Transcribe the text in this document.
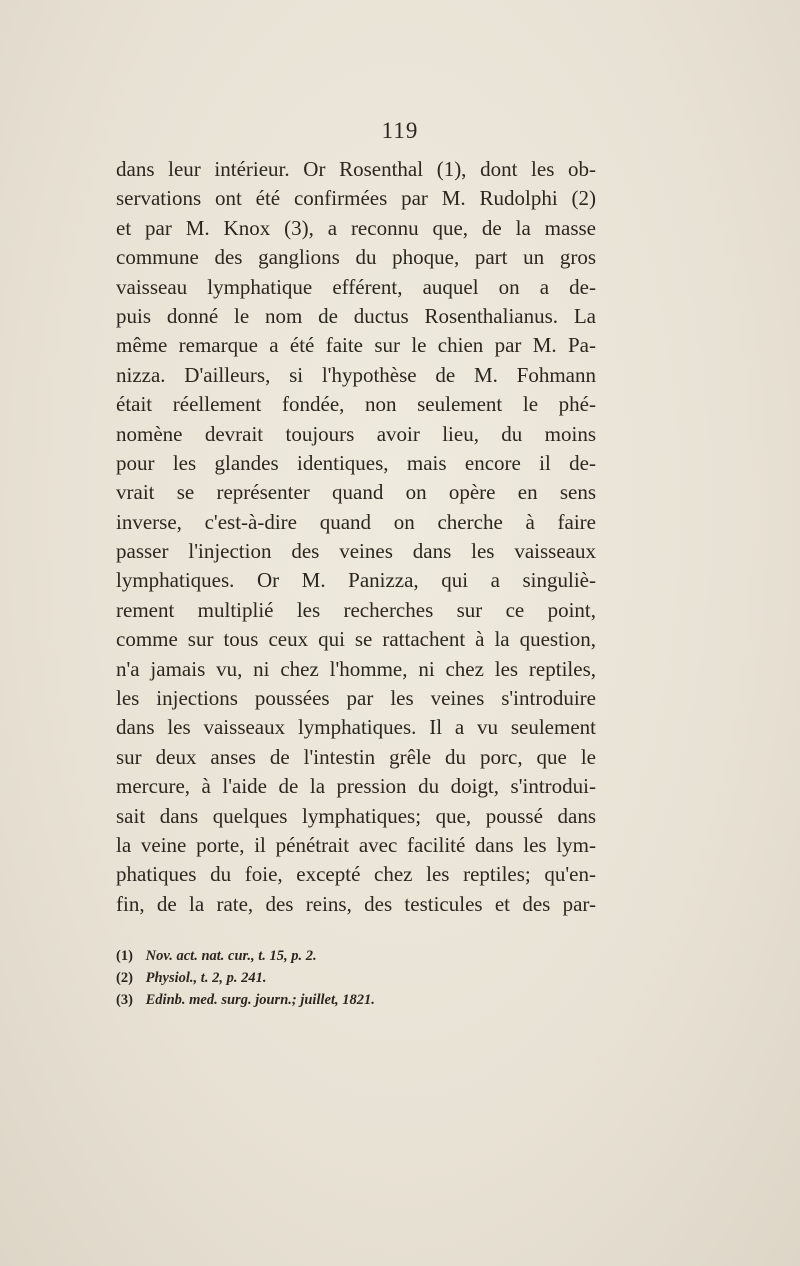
119
dans leur intérieur. Or Rosenthal (1), dont les ob-
servations ont été confirmées par M. Rudolphi (2)
et par M. Knox (3), a reconnu que, de la masse
commune des ganglions du phoque, part un gros
vaisseau lymphatique efférent, auquel on a de-
puis donné le nom de ductus Rosenthalianus. La
même remarque a été faite sur le chien par M. Pa-
nizza. D'ailleurs, si l'hypothèse de M. Fohmann
était réellement fondée, non seulement le phé-
nomène devrait toujours avoir lieu, du moins
pour les glandes identiques, mais encore il de-
vrait se représenter quand on opère en sens
inverse, c'est-à-dire quand on cherche à faire
passer l'injection des veines dans les vaisseaux
lymphatiques. Or M. Panizza, qui a singuliè-
rement multiplié les recherches sur ce point,
comme sur tous ceux qui se rattachent à la question,
n'a jamais vu, ni chez l'homme, ni chez les reptiles,
les injections poussées par les veines s'introduire
dans les vaisseaux lymphatiques. Il a vu seulement
sur deux anses de l'intestin grêle du porc, que le
mercure, à l'aide de la pression du doigt, s'introdui-
sait dans quelques lymphatiques; que, poussé dans
la veine porte, il pénétrait avec facilité dans les lym-
phatiques du foie, excepté chez les reptiles; qu'en-
fin, de la rate, des reins, des testicules et des par-
(1) Nov. act. nat. cur., t. 15, p. 2.
(2) Physiol., t. 2, p. 241.
(3) Edinb. med. surg. journ.; juillet, 1821.
